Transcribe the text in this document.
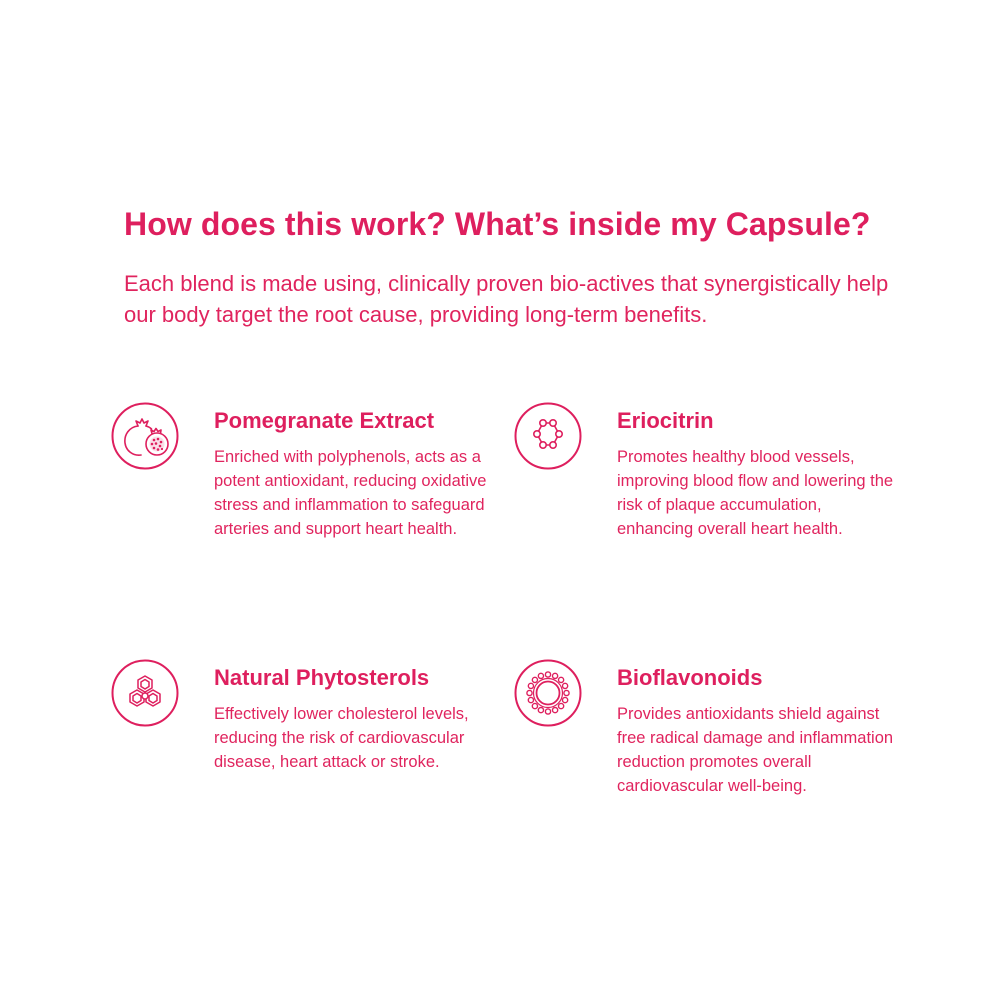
How does this work? What’s inside my Capsule?

Each blend is made using, clinically proven bio-actives that synergistically help our body target the root cause, providing long-term benefits.

Pomegranate Extract

Enriched with polyphenols, acts as a potent antioxidant, reducing oxidative stress and inflammation to safeguard arteries and support heart health.

Eriocitrin

Promotes healthy blood vessels, improving blood flow and lowering the risk of plaque accumulation, enhancing overall heart health.

Natural Phytosterols

Effectively lower cholesterol levels, reducing the risk of cardiovascular disease, heart attack or stroke.

Bioflavonoids

Provides antioxidants shield against free radical damage and inflammation reduction promotes overall cardiovascular well-being.
